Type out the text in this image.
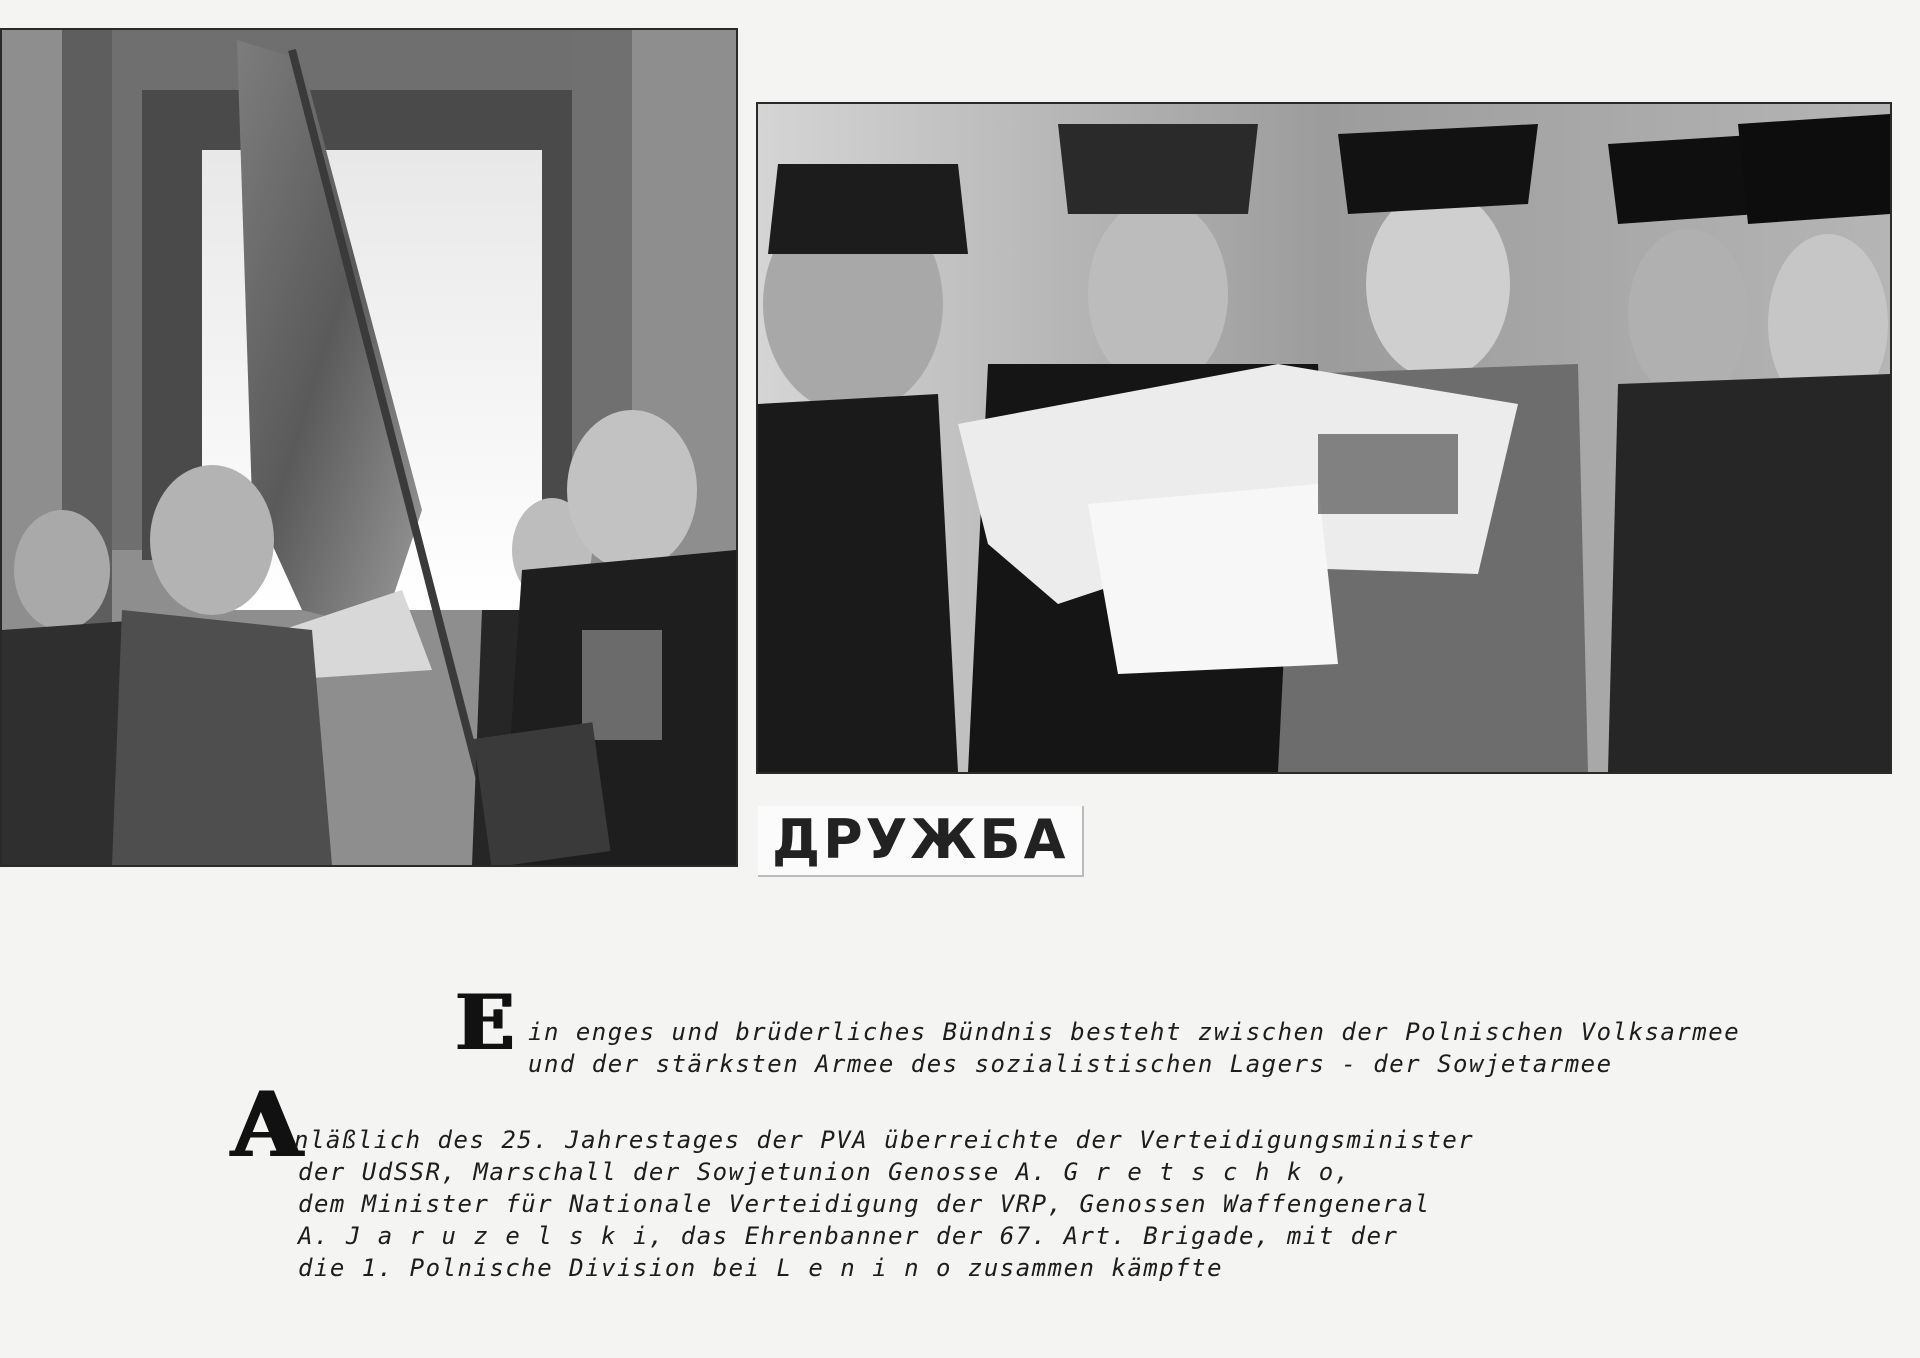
ДРУЖБА
E in enges und brüderliches Bündnis besteht zwischen der Polnischen Volksarmee
und der stärksten Armee des sozialistischen Lagers - der Sowjetarmee
A
nläßlich des 25. Jahrestages der PVA überreichte der Verteidigungsminister
der UdSSR, Marschall der Sowjetunion Genosse A. G r e t s c h k o,
dem Minister für Nationale Verteidigung der VRP, Genossen Waffengeneral
A. J a r u z e l s k i, das Ehrenbanner der 67. Art. Brigade, mit der
die 1. Polnische Division bei L e n i n o zusammen kämpfte
